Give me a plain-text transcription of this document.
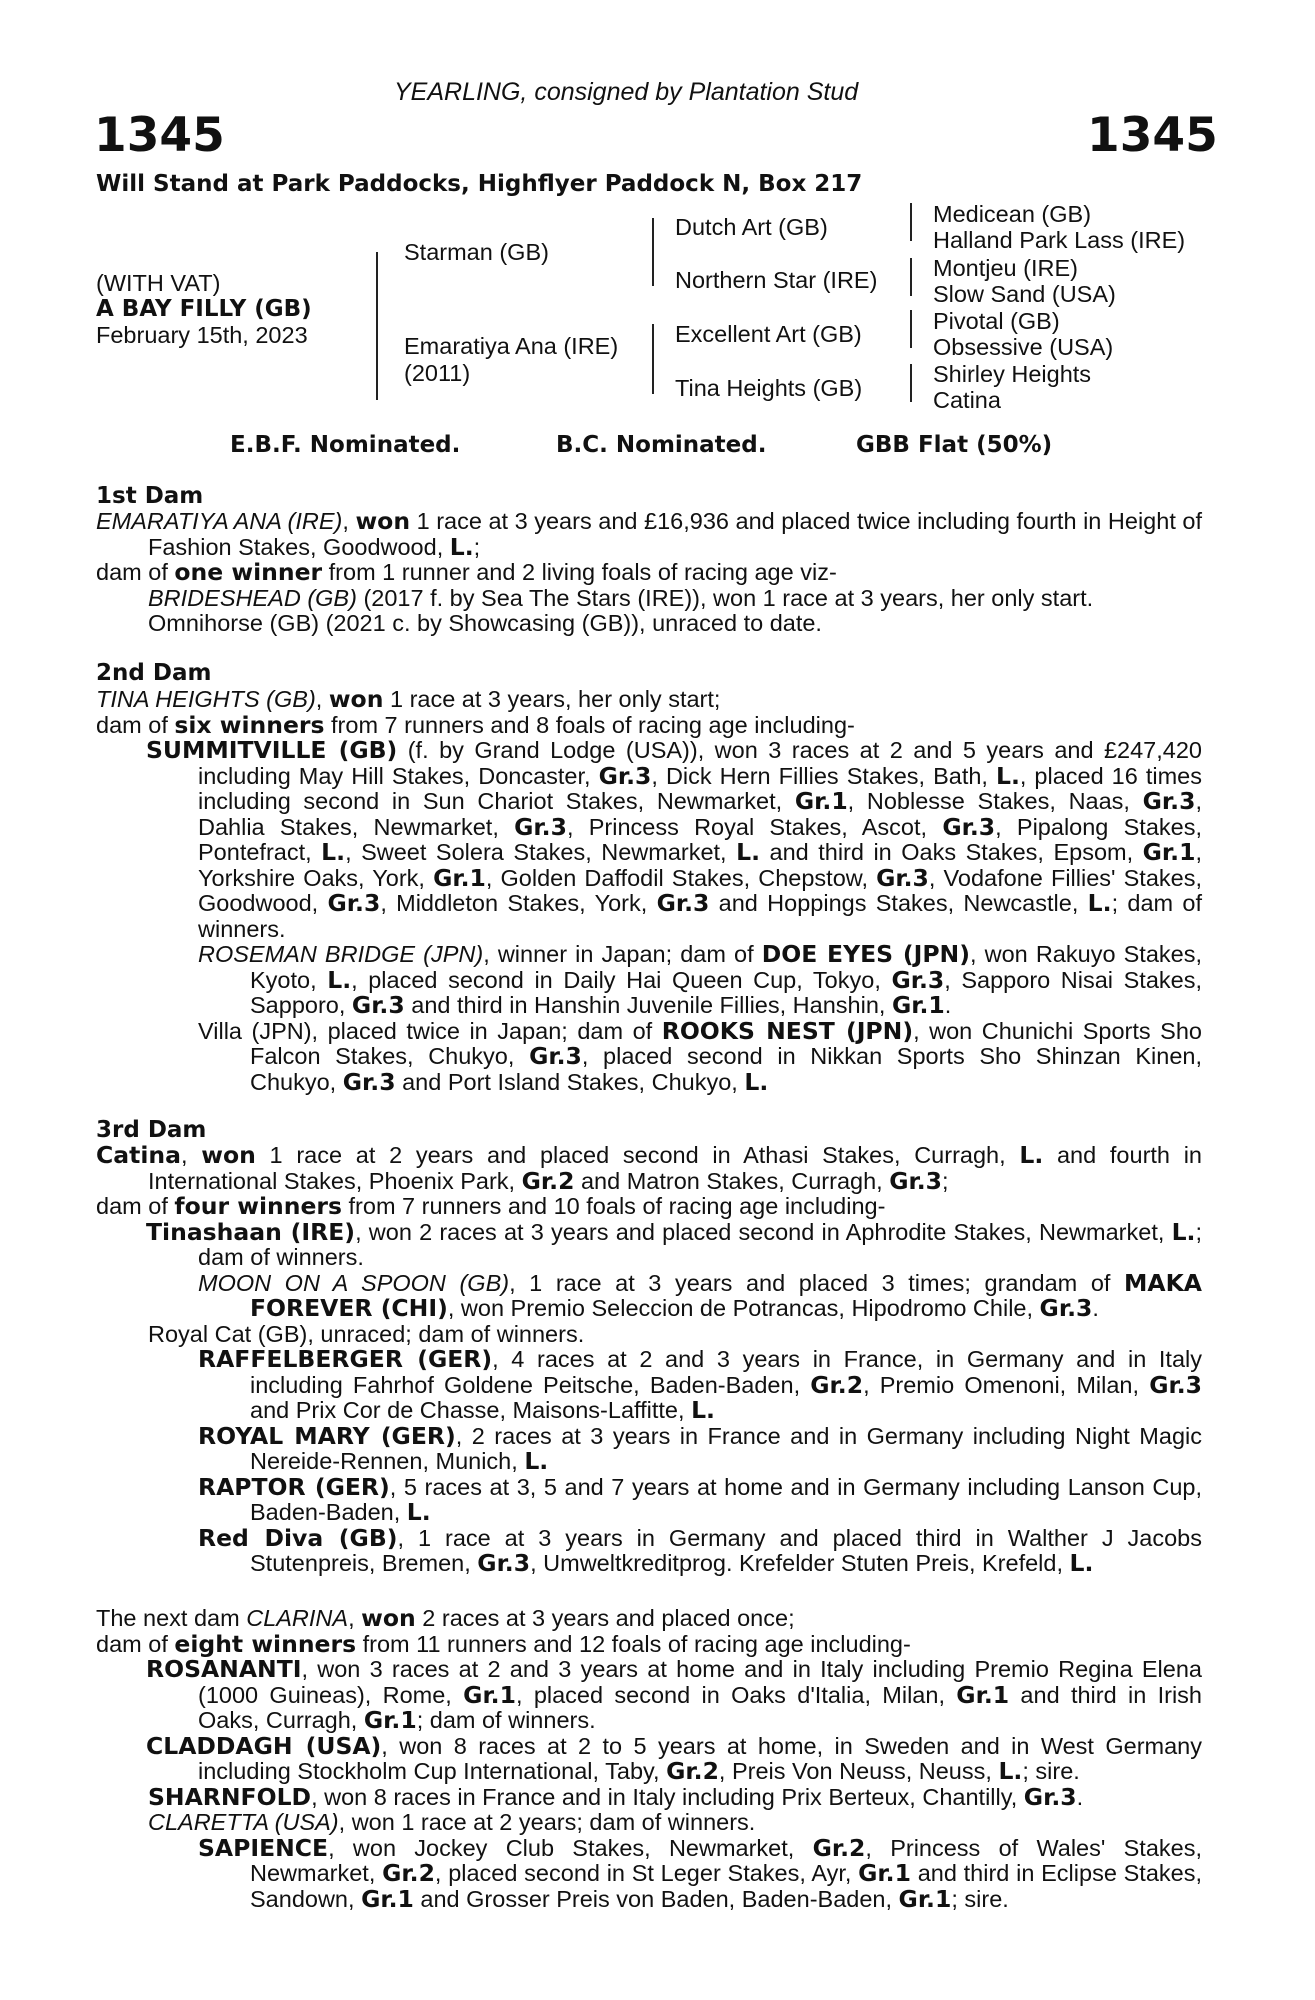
YEARLING, consigned by Plantation Stud
1345	1345
Will Stand at Park Paddocks, Highflyer Paddock N, Box 217
(WITH VAT)
A BAY FILLY (GB)
February 15th, 2023
Starman (GB)
Emaratiya Ana (IRE)
(2011)
Dutch Art (GB)
Northern Star (IRE)
Excellent Art (GB)
Tina Heights (GB)
Medicean (GB)
Halland Park Lass (IRE)
Montjeu (IRE)
Slow Sand (USA)
Pivotal (GB)
Obsessive (USA)
Shirley Heights
Catina
E.B.F. Nominated.	B.C. Nominated.	GBB Flat (50%)
1st Dam
EMARATIYA ANA (IRE), won 1 race at 3 years and £16,936 and placed twice including fourth in Height of Fashion Stakes, Goodwood, L.;
dam of one winner from 1 runner and 2 living foals of racing age viz-
BRIDESHEAD (GB) (2017 f. by Sea The Stars (IRE)), won 1 race at 3 years, her only start.
Omnihorse (GB) (2021 c. by Showcasing (GB)), unraced to date.
2nd Dam
TINA HEIGHTS (GB), won 1 race at 3 years, her only start;
dam of six winners from 7 runners and 8 foals of racing age including-
SUMMITVILLE (GB) (f. by Grand Lodge (USA)), won 3 races at 2 and 5 years and £247,420 including May Hill Stakes, Doncaster, Gr.3, Dick Hern Fillies Stakes, Bath, L., placed 16 times including second in Sun Chariot Stakes, Newmarket, Gr.1, Noblesse Stakes, Naas, Gr.3, Dahlia Stakes, Newmarket, Gr.3, Princess Royal Stakes, Ascot, Gr.3, Pipalong Stakes, Pontefract, L., Sweet Solera Stakes, Newmarket, L. and third in Oaks Stakes, Epsom, Gr.1, Yorkshire Oaks, York, Gr.1, Golden Daffodil Stakes, Chepstow, Gr.3, Vodafone Fillies' Stakes, Goodwood, Gr.3, Middleton Stakes, York, Gr.3 and Hoppings Stakes, Newcastle, L.; dam of winners.
ROSEMAN BRIDGE (JPN), winner in Japan; dam of DOE EYES (JPN), won Rakuyo Stakes, Kyoto, L., placed second in Daily Hai Queen Cup, Tokyo, Gr.3, Sapporo Nisai Stakes, Sapporo, Gr.3 and third in Hanshin Juvenile Fillies, Hanshin, Gr.1.
Villa (JPN), placed twice in Japan; dam of ROOKS NEST (JPN), won Chunichi Sports Sho Falcon Stakes, Chukyo, Gr.3, placed second in Nikkan Sports Sho Shinzan Kinen, Chukyo, Gr.3 and Port Island Stakes, Chukyo, L.
3rd Dam
Catina, won 1 race at 2 years and placed second in Athasi Stakes, Curragh, L. and fourth in International Stakes, Phoenix Park, Gr.2 and Matron Stakes, Curragh, Gr.3;
dam of four winners from 7 runners and 10 foals of racing age including-
Tinashaan (IRE), won 2 races at 3 years and placed second in Aphrodite Stakes, Newmarket, L.; dam of winners.
MOON ON A SPOON (GB), 1 race at 3 years and placed 3 times; grandam of MAKA FOREVER (CHI), won Premio Seleccion de Potrancas, Hipodromo Chile, Gr.3.
Royal Cat (GB), unraced; dam of winners.
RAFFELBERGER (GER), 4 races at 2 and 3 years in France, in Germany and in Italy including Fahrhof Goldene Peitsche, Baden-Baden, Gr.2, Premio Omenoni, Milan, Gr.3 and Prix Cor de Chasse, Maisons-Laffitte, L.
ROYAL MARY (GER), 2 races at 3 years in France and in Germany including Night Magic Nereide-Rennen, Munich, L.
RAPTOR (GER), 5 races at 3, 5 and 7 years at home and in Germany including Lanson Cup, Baden-Baden, L.
Red Diva (GB), 1 race at 3 years in Germany and placed third in Walther J Jacobs Stutenpreis, Bremen, Gr.3, Umweltkreditprog. Krefelder Stuten Preis, Krefeld, L.
The next dam CLARINA, won 2 races at 3 years and placed once;
dam of eight winners from 11 runners and 12 foals of racing age including-
ROSANANTI, won 3 races at 2 and 3 years at home and in Italy including Premio Regina Elena (1000 Guineas), Rome, Gr.1, placed second in Oaks d'Italia, Milan, Gr.1 and third in Irish Oaks, Curragh, Gr.1; dam of winners.
CLADDAGH (USA), won 8 races at 2 to 5 years at home, in Sweden and in West Germany including Stockholm Cup International, Taby, Gr.2, Preis Von Neuss, Neuss, L.; sire.
SHARNFOLD, won 8 races in France and in Italy including Prix Berteux, Chantilly, Gr.3.
CLARETTA (USA), won 1 race at 2 years; dam of winners.
SAPIENCE, won Jockey Club Stakes, Newmarket, Gr.2, Princess of Wales' Stakes, Newmarket, Gr.2, placed second in St Leger Stakes, Ayr, Gr.1 and third in Eclipse Stakes, Sandown, Gr.1 and Grosser Preis von Baden, Baden-Baden, Gr.1; sire.
